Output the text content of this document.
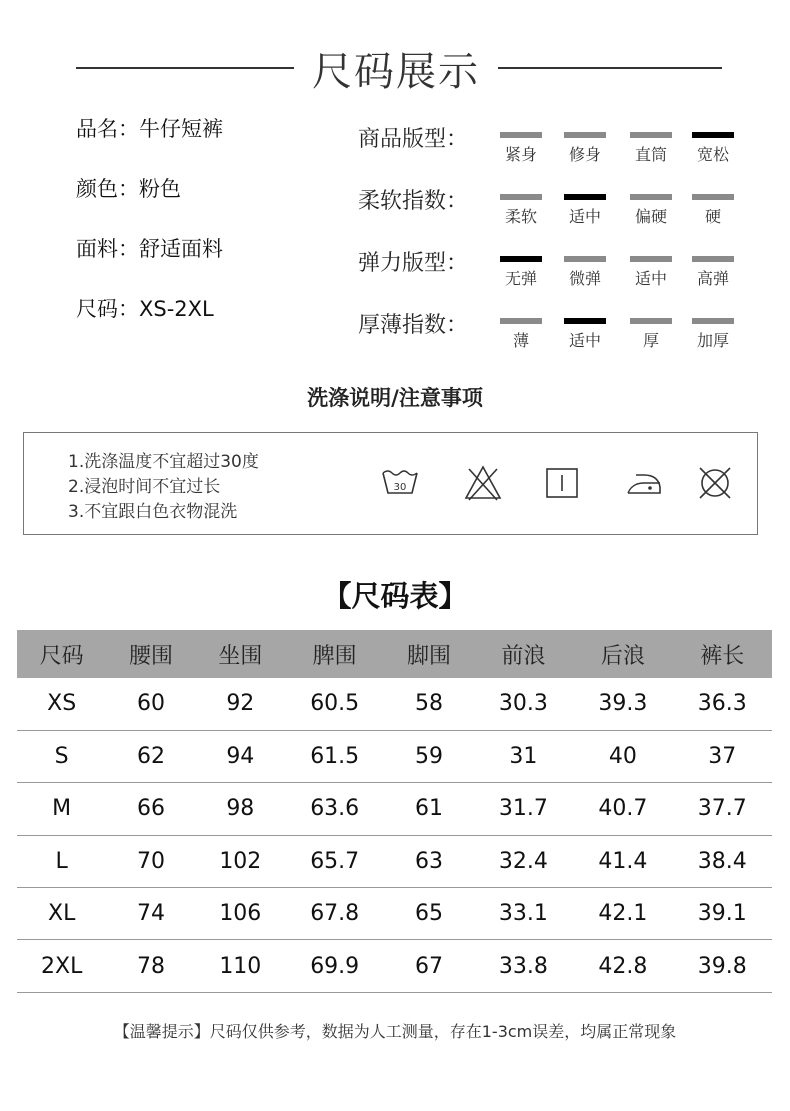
尺码展示
品名：牛仔短裤
颜色：粉色
面料：舒适面料
尺码：XS-2XL
商品版型：
紧身	修身	直筒	宽松
柔软指数：
柔软	适中	偏硬	硬
弹力版型：
无弹	微弹	适中	高弹
厚薄指数：
薄	适中	厚	加厚
洗涤说明/注意事项
1.洗涤温度不宜超过30度
2.浸泡时间不宜过长
3.不宜跟白色衣物混洗
30
【尺码表】
尺码	腰围	坐围	脾围	脚围	前浪	后浪	裤长
XS	60	92	60.5	58	30.3	39.3	36.3
S	62	94	61.5	59	31	40	37
M	66	98	63.6	61	31.7	40.7	37.7
L	70	102	65.7	63	32.4	41.4	38.4
XL	74	106	67.8	65	33.1	42.1	39.1
2XL	78	110	69.9	67	33.8	42.8	39.8
【温馨提示】尺码仅供参考，数据为人工测量，存在1-3cm误差，均属正常现象
